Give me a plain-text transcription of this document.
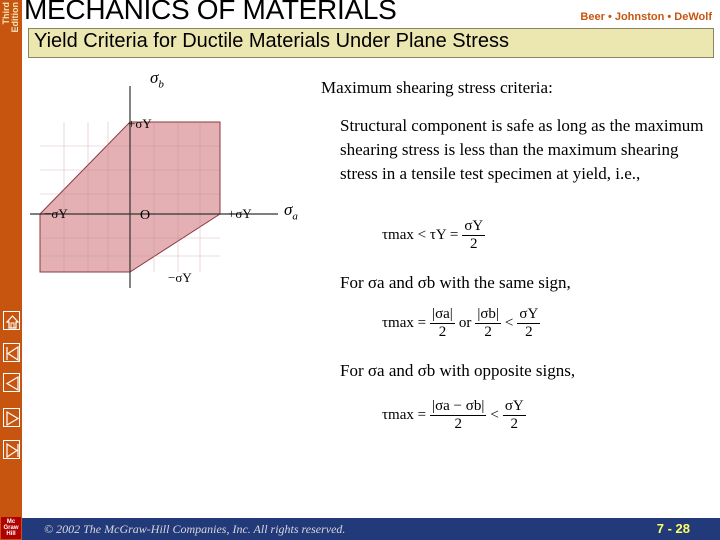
Third Edition
Mc Graw Hill
MECHANICS OF MATERIALS	Beer • Johnston • DeWolf
Yield Criteria for Ductile Materials Under Plane Stress
$\sigma_b$
$\sigma_a$
+σY
−σY	O	+σY
−σY
Maximum shearing stress criteria:
Structural component is safe as long as the maximum shearing stress is less than the maximum shearing stress in a tensile test specimen at yield, i.e.,
$\tau\max < \tau Y = \frac{\sigma Y}{2}$
For σa and σb with the same sign,
$\tau\max = \frac{|\sigma a|}{2}$ or $\frac{|\sigma b|}{2} < \frac{\sigma Y}{2}$
For σa and σb with opposite signs,
$\tau\max = \frac{|\sigma a - \sigma b|}{2} < \frac{\sigma Y}{2}$
© 2002 The McGraw-Hill Companies, Inc. All rights reserved.	7 - 28
